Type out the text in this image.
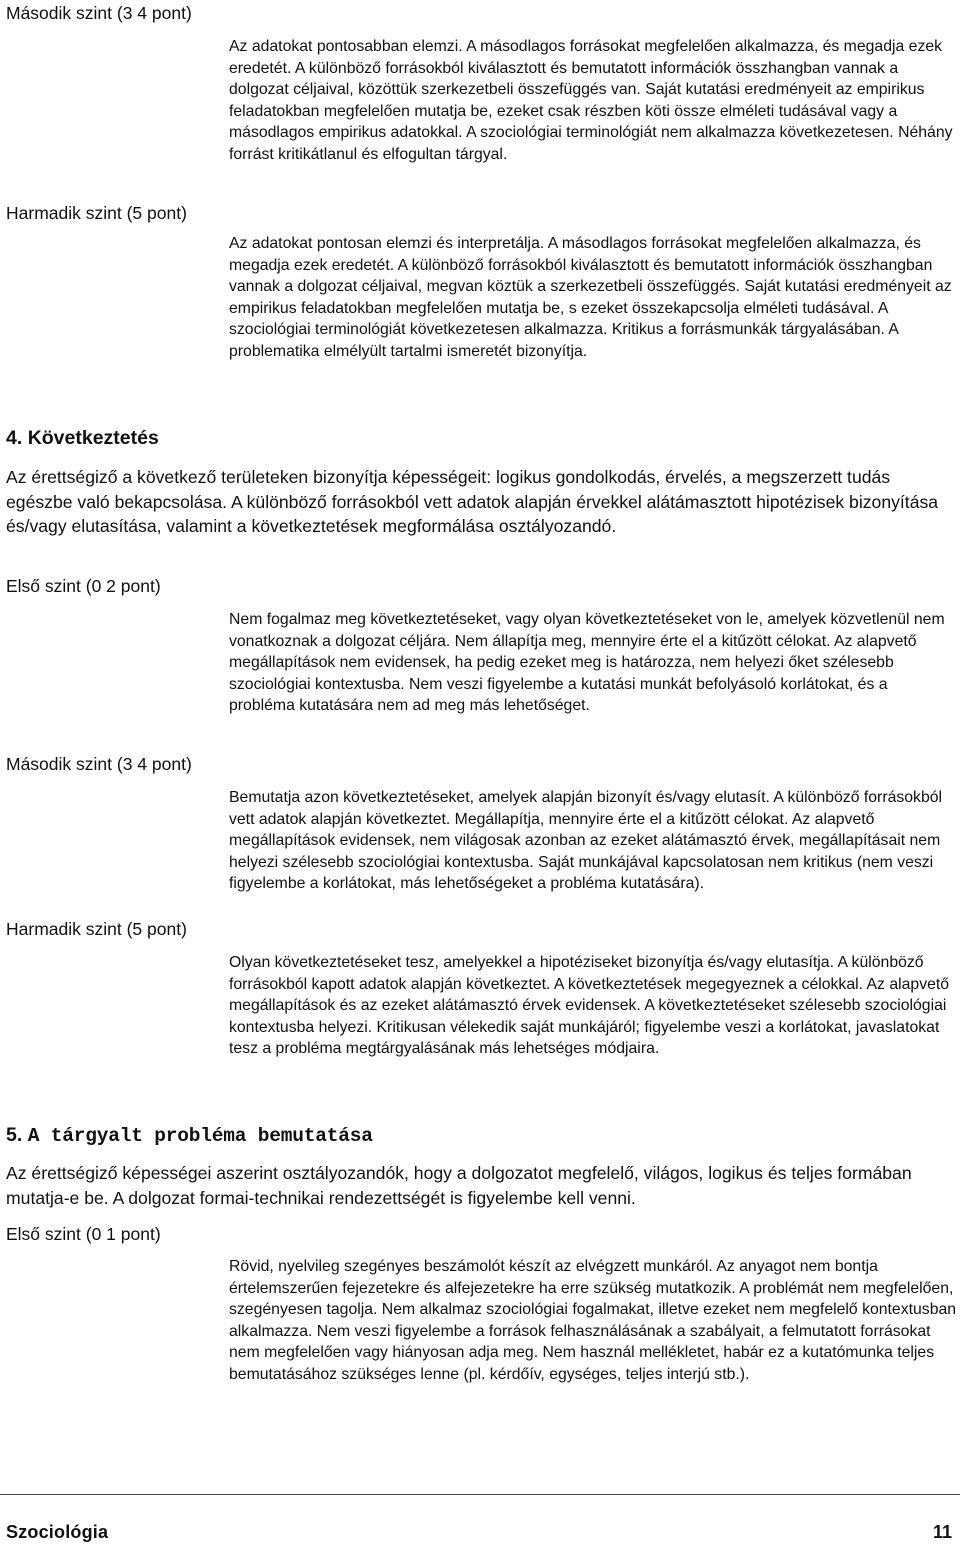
Második szint (3 4 pont)
Az adatokat pontosabban elemzi. A másodlagos forrásokat megfelelően alkalmazza, és megadja ezek eredetét. A különböző forrásokból kiválasztott és bemutatott információk összhangban vannak a dolgozat céljaival, közöttük szerkezetbeli összefüggés van. Saját kutatási eredményeit az empirikus feladatokban megfelelően mutatja be, ezeket csak részben köti össze elméleti tudásával vagy a másodlagos empirikus adatokkal. A szociológiai terminológiát nem alkalmazza következetesen. Néhány forrást kritikátlanul és elfogultan tárgyal.
Harmadik szint (5 pont)
Az adatokat pontosan elemzi és interpretálja. A másodlagos forrásokat megfelelően alkalmazza, és megadja ezek eredetét. A különböző forrásokból kiválasztott és bemutatott információk összhangban vannak a dolgozat céljaival, megvan köztük a szerkezetbeli összefüggés. Saját kutatási eredményeit az empirikus feladatokban megfelelően mutatja be, s ezeket összekapcsolja elméleti tudásával. A szociológiai terminológiát következetesen alkalmazza. Kritikus a forrásmunkák tárgyalásában. A problematika elmélyült tartalmi ismeretét bizonyítja.
4. Következtetés
Az érettségiző a következő területeken bizonyítja képességeit: logikus gondolkodás, érvelés, a megszerzett tudás egészbe való bekapcsolása. A különböző forrásokból vett adatok alapján érvekkel alátámasztott hipotézisek bizonyítása és/vagy elutasítása, valamint a következtetések megformálása osztályozandó.
Első szint (0 2 pont)
Nem fogalmaz meg következtetéseket, vagy olyan következtetéseket von le, amelyek közvetlenül nem vonatkoznak a dolgozat céljára. Nem állapítja meg, mennyire érte el a kitűzött célokat. Az alapvető megállapítások nem evidensek, ha pedig ezeket meg is határozza, nem helyezi őket szélesebb szociológiai kontextusba. Nem veszi figyelembe a kutatási munkát befolyásoló korlátokat, és a probléma kutatására nem ad meg más lehetőséget.
Második szint (3 4 pont)
Bemutatja azon következtetéseket, amelyek alapján bizonyít és/vagy elutasít. A különböző forrásokból vett adatok alapján következtet. Megállapítja, mennyire érte el a kitűzött célokat. Az alapvető megállapítások evidensek, nem világosak azonban az ezeket alátámasztó érvek, megállapításait nem helyezi szélesebb szociológiai kontextusba. Saját munkájával kapcsolatosan nem kritikus (nem veszi figyelembe a korlátokat, más lehetőségeket a probléma kutatására).
Harmadik szint (5 pont)
Olyan következtetéseket tesz, amelyekkel a hipotéziseket bizonyítja és/vagy elutasítja. A különböző forrásokból kapott adatok alapján következtet. A következtetések megegyeznek a célokkal. Az alapvető megállapítások és az ezeket alátámasztó érvek evidensek. A következtetéseket szélesebb szociológiai kontextusba helyezi. Kritikusan vélekedik saját munkájáról; figyelembe veszi a korlátokat, javaslatokat tesz a probléma megtárgyalásának más lehetséges módjaira.
5. A tárgyalt probléma bemutatása
Az érettségiző képességei aszerint osztályozandók, hogy a dolgozatot megfelelő, világos, logikus és teljes formában mutatja-e be. A dolgozat formai-technikai rendezettségét is figyelembe kell venni.
Első szint (0 1 pont)
Rövid, nyelvileg szegényes beszámolót készít az elvégzett munkáról. Az anyagot nem bontja értelemszerűen fejezetekre és alfejezetekre ha erre szükség mutatkozik. A problémát nem megfelelően, szegényesen tagolja. Nem alkalmaz szociológiai fogalmakat, illetve ezeket nem megfelelő kontextusban alkalmazza. Nem veszi figyelembe a források felhasználásának a szabályait, a felmutatott forrásokat nem megfelelően vagy hiányosan adja meg. Nem használ mellékletet, habár ez a kutatómunka teljes bemutatásához szükséges lenne (pl. kérdőív, egységes, teljes interjú stb.).
Szociológia	11
